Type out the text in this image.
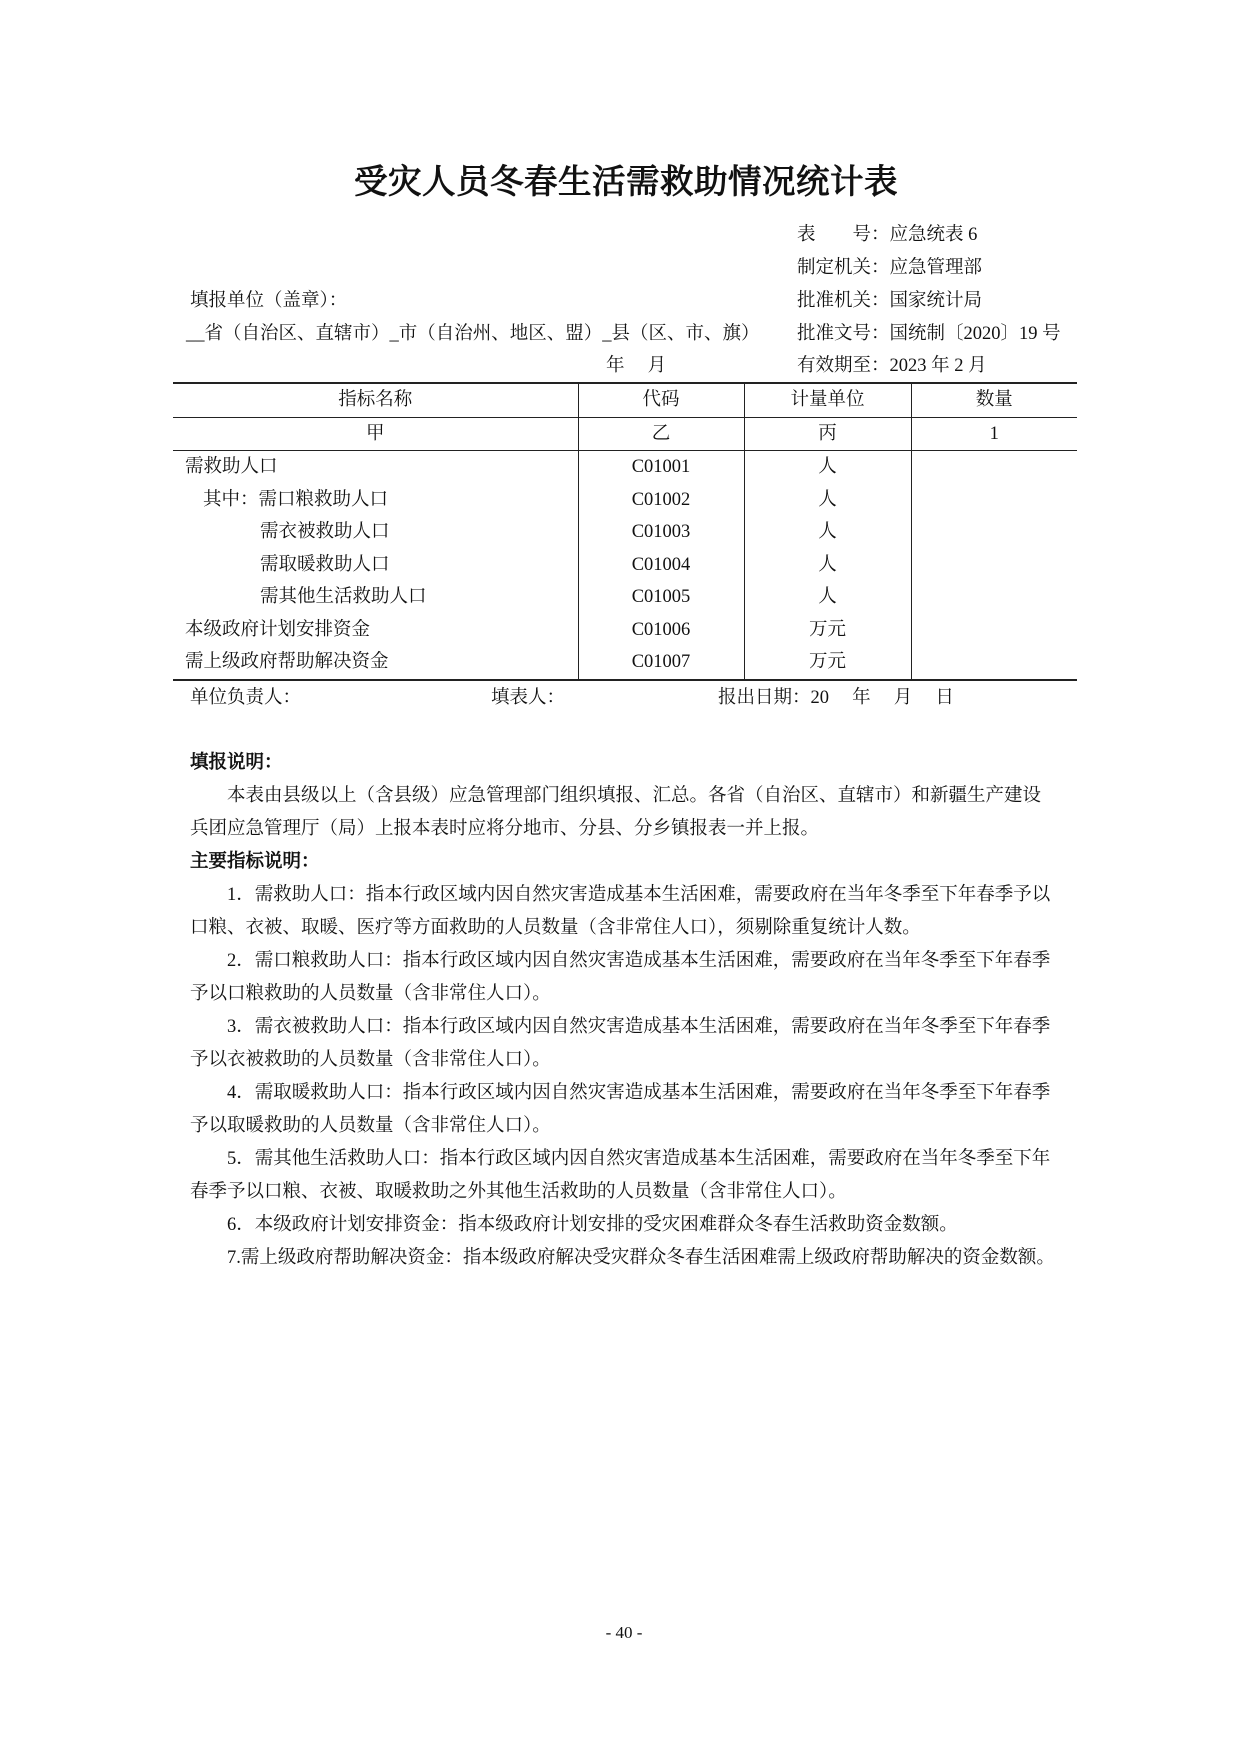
受灾人员冬春生活需救助情况统计表
表　　号：应急统表 6
制定机关：应急管理部
批准机关：国家统计局
批准文号：国统制〔2020〕19 号
有效期至：2023 年 2 月
填报单位（盖章）：
__省（自治区、直辖市）_市（自治州、地区、盟）_县（区、市、旗）
年　 月
指标名称	代码	计量单位	数量
甲	乙	丙	1
需救助人口	C01001	人	
其中：需口粮救助人口	C01002	人	
需衣被救助人口	C01003	人	
需取暖救助人口	C01004	人	
需其他生活救助人口	C01005	人	
本级政府计划安排资金	C01006	万元	
需上级政府帮助解决资金	C01007	万元	
单位负责人：	填表人：	报出日期：20　 年　 月　 日
填报说明：
本表由县级以上（含县级）应急管理部门组织填报、汇总。各省（自治区、直辖市）和新疆生产建设
兵团应急管理厅（局）上报本表时应将分地市、分县、分乡镇报表一并上报。
主要指标说明：
1．需救助人口：指本行政区域内因自然灾害造成基本生活困难，需要政府在当年冬季至下年春季予以
口粮、衣被、取暖、医疗等方面救助的人员数量（含非常住人口），须剔除重复统计人数。
2．需口粮救助人口：指本行政区域内因自然灾害造成基本生活困难，需要政府在当年冬季至下年春季
予以口粮救助的人员数量（含非常住人口）。
3．需衣被救助人口：指本行政区域内因自然灾害造成基本生活困难，需要政府在当年冬季至下年春季
予以衣被救助的人员数量（含非常住人口）。
4．需取暖救助人口：指本行政区域内因自然灾害造成基本生活困难，需要政府在当年冬季至下年春季
予以取暖救助的人员数量（含非常住人口）。
5．需其他生活救助人口：指本行政区域内因自然灾害造成基本生活困难，需要政府在当年冬季至下年
春季予以口粮、衣被、取暖救助之外其他生活救助的人员数量（含非常住人口）。
6．本级政府计划安排资金：指本级政府计划安排的受灾困难群众冬春生活救助资金数额。
7.需上级政府帮助解决资金：指本级政府解决受灾群众冬春生活困难需上级政府帮助解决的资金数额。
- 40 -
